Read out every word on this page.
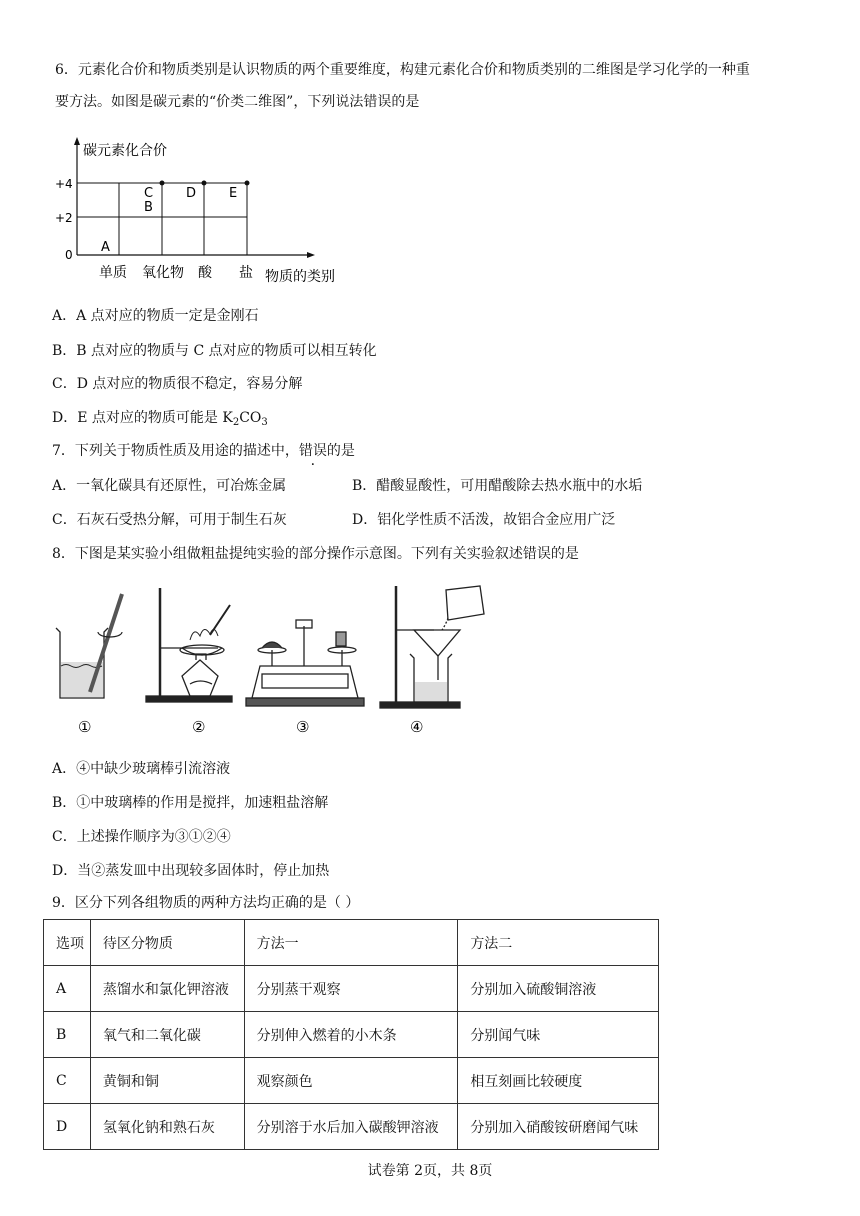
6．元素化合价和物质类别是认识物质的两个重要维度，构建元素化合价和物质类别的二维图是学习化学的一种重
要方法。如图是碳元素的“价类二维图”，下列说法错误的是
碳元素化合价
+4
+2
0
单质 氧化物 酸 盐 物质的类别
A
B
C	D	E
A．A 点对应的物质一定是金刚石
B．B 点对应的物质与 C 点对应的物质可以相互转化
C．D 点对应的物质很不稳定，容易分解
D．E 点对应的物质可能是 $K_2CO_3$
7．下列关于物质性质及用途的描述中，错误的是
A．一氧化碳具有还原性，可冶炼金属	B．醋酸显酸性，可用醋酸除去热水瓶中的水垢
C．石灰石受热分解，可用于制生石灰	D．铝化学性质不活泼，故铝合金应用广泛
8．下图是某实验小组做粗盐提纯实验的部分操作示意图。下列有关实验叙述错误的是
①	②	③	④
A．④中缺少玻璃棒引流溶液
B．①中玻璃棒的作用是搅拌，加速粗盐溶解
C．上述操作顺序为③①②④
D．当②蒸发皿中出现较多固体时，停止加热
9．区分下列各组物质的两种方法均正确的是（ ）
选项	待区分物质	方法一	方法二
A	蒸馏水和氯化钾溶液	分别蒸干观察	分别加入硫酸铜溶液
B	氧气和二氧化碳	分别伸入燃着的小木条	分别闻气味
C	黄铜和铜	观察颜色	相互刻画比较硬度
D	氢氧化钠和熟石灰	分别溶于水后加入碳酸钾溶液	分别加入硝酸铵研磨闻气味
试卷第 2页，共 8页
